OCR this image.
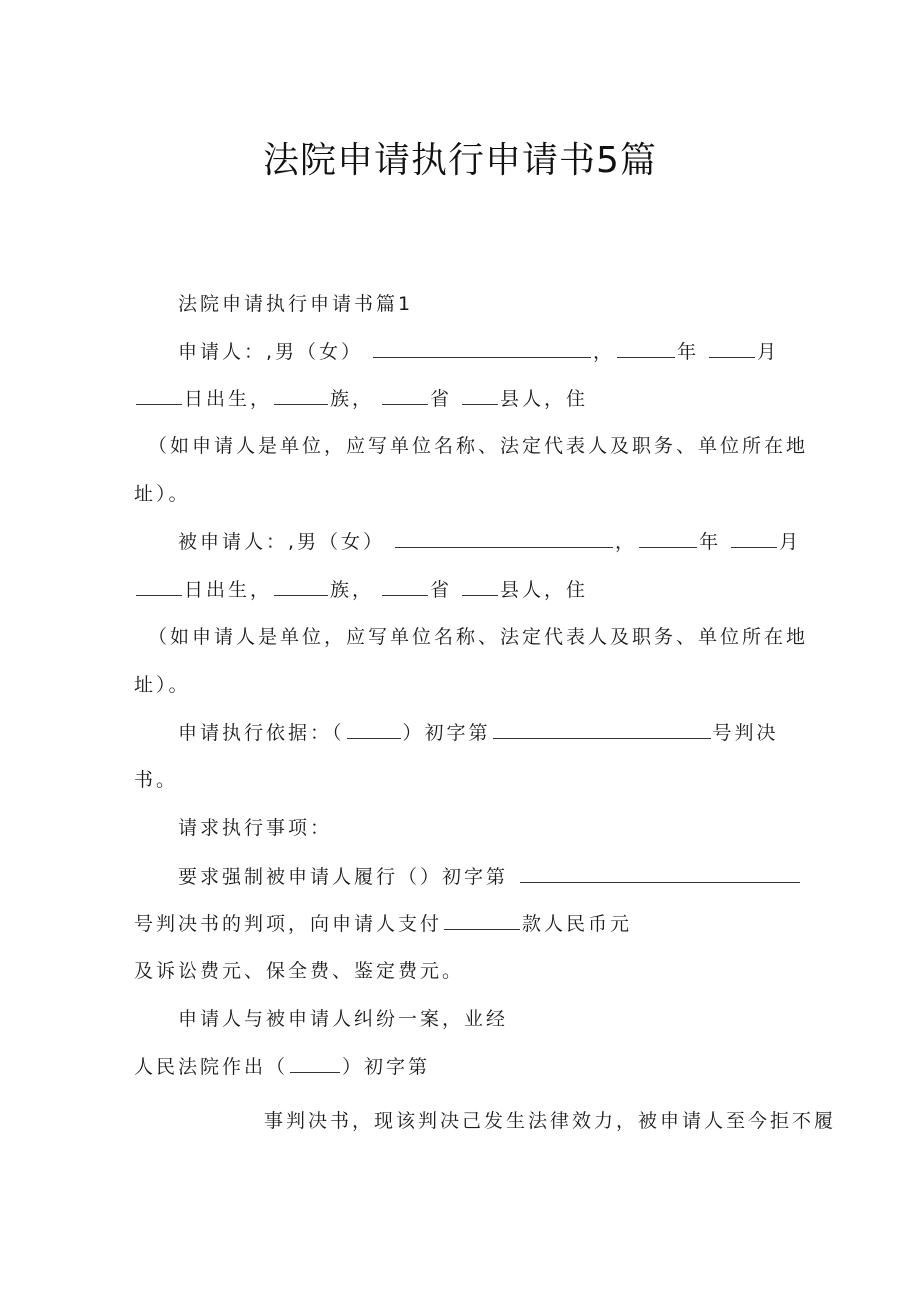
法院申请执行申请书5篇
法院申请执行申请书篇1
申请人：,男（女）	，	年	月
日出生，	族，	省	县人，住
（如申请人是单位，应写单位名称、法定代表人及职务、单位所在地
址）。
被申请人：,男（女）	，	年	月
日出生，	族，	省	县人，住
（如申请人是单位，应写单位名称、法定代表人及职务、单位所在地
址）。
申请执行依据：（	）初字第	号判决
书。
请求执行事项：
要求强制被申请人履行（）初字第
号判决书的判项，向申请人支付	款人民币元
及诉讼费元、保全费、鉴定费元。
申请人与被申请人纠纷一案，业经
人民法院作出（	）初字第
事判决书，现该判决己发生法律效力，被申请人至今拒不履
